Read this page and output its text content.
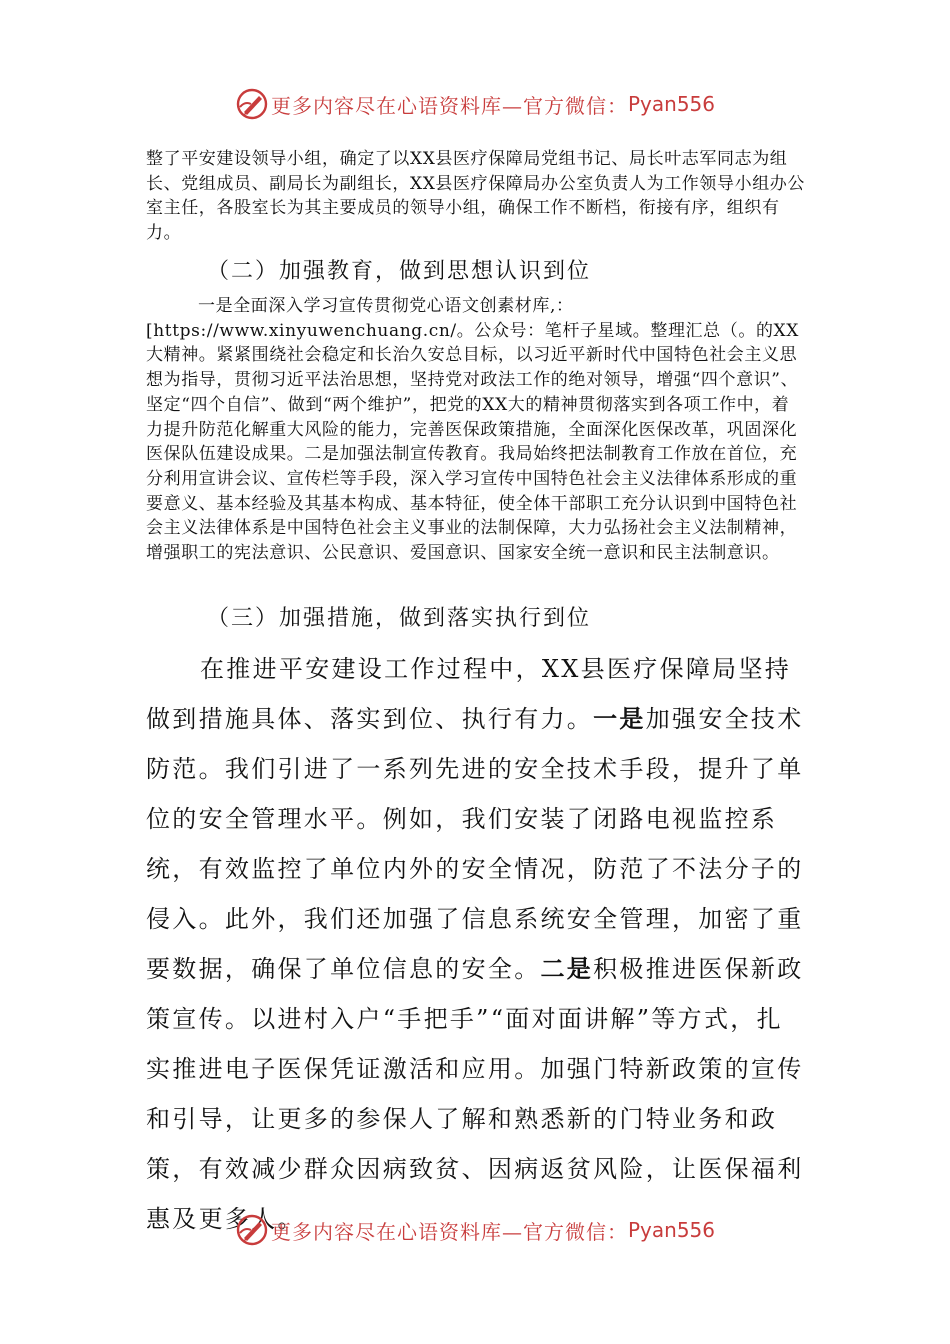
更多内容尽在心语资料库—官方微信： Pyan556

整了平安建设领导小组，确定了以XX县医疗保障局党组书记、局长叶志军同志为组长、党组成员、副局长为副组长，XX县医疗保障局办公室负责人为工作领导小组办公室主任，各股室长为其主要成员的领导小组，确保工作不断档，衔接有序，组织有力。

（二）加强教育，做到思想认识到位

一是全面深入学习宣传贯彻党心语文创素材库,：[https://www.xinyuwenchuang.cn/。公众号：笔杆子星域。整理汇总（。的XX大精神。紧紧围绕社会稳定和长治久安总目标，以习近平新时代中国特色社会主义思想为指导，贯彻习近平法治思想，坚持党对政法工作的绝对领导，增强“四个意识”、坚定“四个自信”、做到“两个维护”，把党的XX大的精神贯彻落实到各项工作中，着力提升防范化解重大风险的能力，完善医保政策措施，全面深化医保改革，巩固深化医保队伍建设成果。二是加强法制宣传教育。我局始终把法制教育工作放在首位，充分利用宣讲会议、宣传栏等手段，深入学习宣传中国特色社会主义法律体系形成的重要意义、基本经验及其基本构成、基本特征，使全体干部职工充分认识到中国特色社会主义法律体系是中国特色社会主义事业的法制保障，大力弘扬社会主义法制精神，增强职工的宪法意识、公民意识、爱国意识、国家安全统一意识和民主法制意识。

（三）加强措施，做到落实执行到位

在推进平安建设工作过程中，XX县医疗保障局坚持做到措施具体、落实到位、执行有力。一是加强安全技术防范。我们引进了一系列先进的安全技术手段，提升了单位的安全管理水平。例如，我们安装了闭路电视监控系统，有效监控了单位内外的安全情况，防范了不法分子的侵入。此外，我们还加强了信息系统安全管理，加密了重要数据，确保了单位信息的安全。二是积极推进医保新政策宣传。以进村入户“手把手”“面对面讲解”等方式，扎实推进电子医保凭证激活和应用。加强门特新政策的宣传和引导，让更多的参保人了解和熟悉新的门特业务和政策，有效减少群众因病致贫、因病返贫风险，让医保福利惠及更多人。

更多内容尽在心语资料库—官方微信： Pyan556
